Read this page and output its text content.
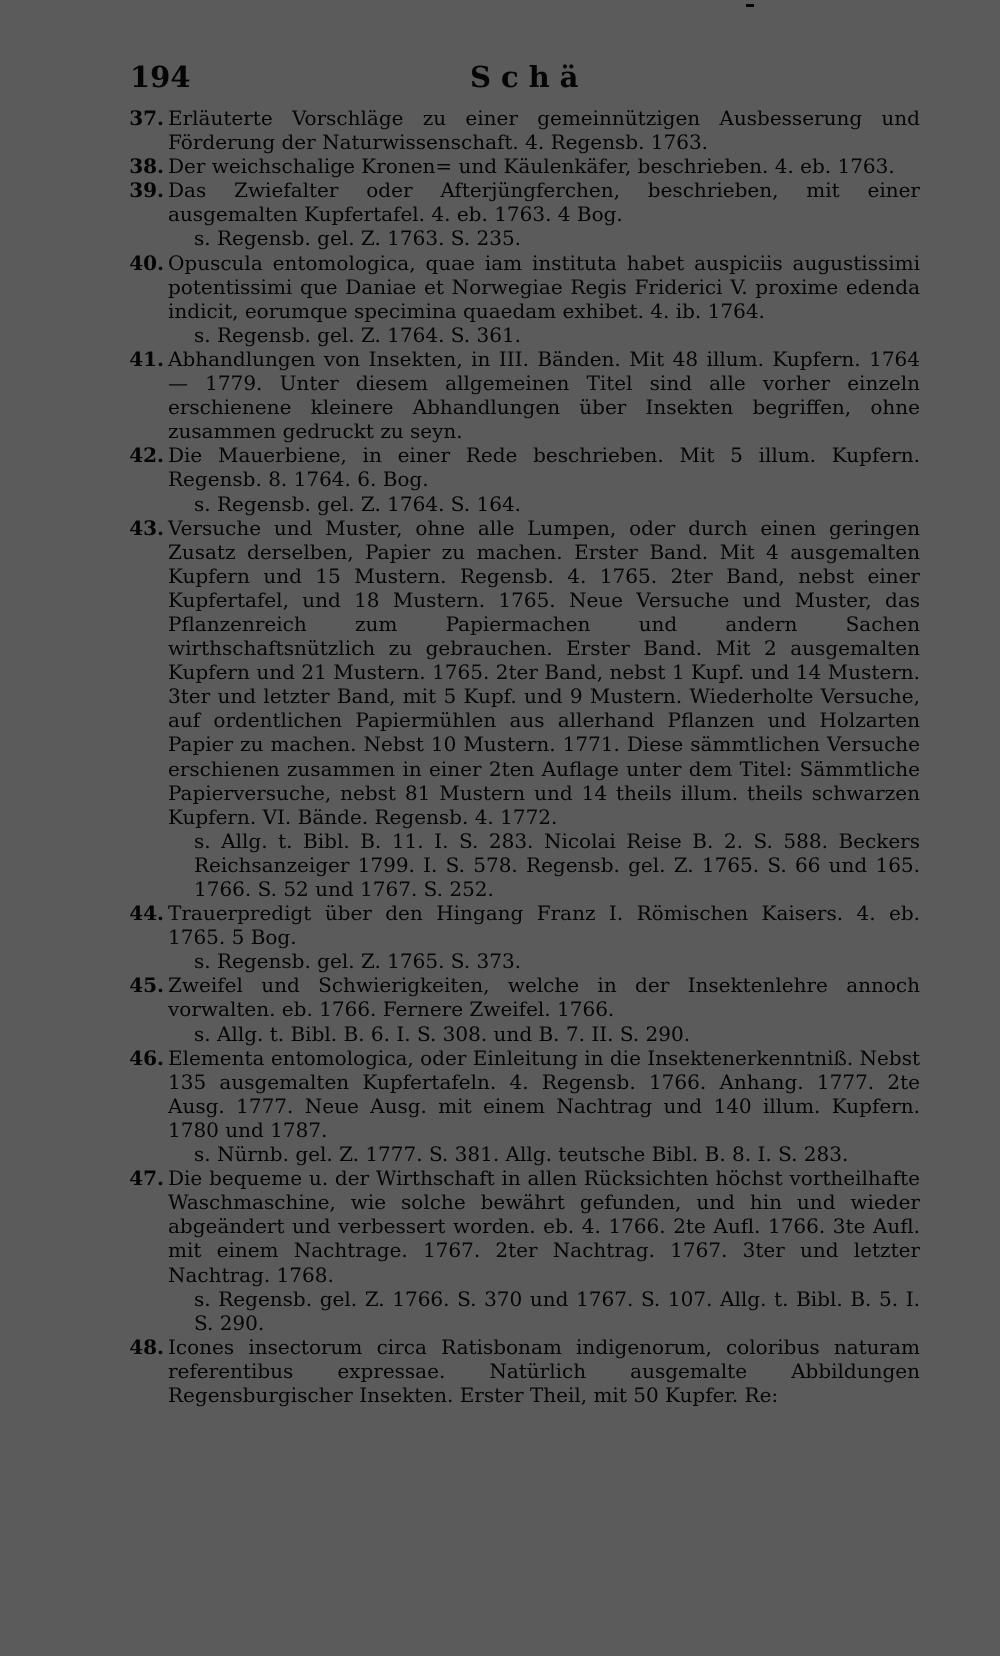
194	Schä
37. Erläuterte Vorschläge zu einer gemeinnützigen Ausbesserung und Förderung der Naturwissenschaft. 4. Regensb. 1763.
38. Der weichschalige Kronen= und Käulenkäfer, beschrieben. 4. eb. 1763.
39. Das Zwiefalter oder Afterjüngferchen, beschrieben, mit einer ausgemalten Kupfertafel. 4. eb. 1763. 4 Bog.
s. Regensb. gel. Z. 1763. S. 235.
40. Opuscula entomologica, quae iam instituta habet auspiciis augustissimi potentissimi que Daniae et Norwegiae Regis Friderici V. proxime edenda indicit, eorumque specimina quaedam exhibet. 4. ib. 1764.
s. Regensb. gel. Z. 1764. S. 361.
41. Abhandlungen von Insekten, in III. Bänden. Mit 48 illum. Kupfern. 1764 — 1779. Unter diesem allgemeinen Titel sind alle vorher einzeln erschienene kleinere Abhandlungen über Insekten begriffen, ohne zusammen gedruckt zu seyn.
42. Die Mauerbiene, in einer Rede beschrieben. Mit 5 illum. Kupfern. Regensb. 8. 1764. 6. Bog.
s. Regensb. gel. Z. 1764. S. 164.
43. Versuche und Muster, ohne alle Lumpen, oder durch einen geringen Zusatz derselben, Papier zu machen. Erster Band. Mit 4 ausgemalten Kupfern und 15 Mustern. Regensb. 4. 1765. 2ter Band, nebst einer Kupfertafel, und 18 Mustern. 1765. Neue Versuche und Muster, das Pflanzenreich zum Papiermachen und andern Sachen wirthschaftsnützlich zu gebrauchen. Erster Band. Mit 2 ausgemalten Kupfern und 21 Mustern. 1765. 2ter Band, nebst 1 Kupf. und 14 Mustern. 3ter und letzter Band, mit 5 Kupf. und 9 Mustern. Wiederholte Versuche, auf ordentlichen Papiermühlen aus allerhand Pflanzen und Holzarten Papier zu machen. Nebst 10 Mustern. 1771. Diese sämmtlichen Versuche erschienen zusammen in einer 2ten Auflage unter dem Titel: Sämmtliche Papierversuche, nebst 81 Mustern und 14 theils illum. theils schwarzen Kupfern. VI. Bände. Regensb. 4. 1772.
s. Allg. t. Bibl. B. 11. I. S. 283. Nicolai Reise B. 2. S. 588. Beckers Reichsanzeiger 1799. I. S. 578. Regensb. gel. Z. 1765. S. 66 und 165. 1766. S. 52 und 1767. S. 252.
44. Trauerpredigt über den Hingang Franz I. Römischen Kaisers. 4. eb. 1765. 5 Bog.
s. Regensb. gel. Z. 1765. S. 373.
45. Zweifel und Schwierigkeiten, welche in der Insektenlehre annoch vorwalten. eb. 1766. Fernere Zweifel. 1766.
s. Allg. t. Bibl. B. 6. I. S. 308. und B. 7. II. S. 290.
46. Elementa entomologica, oder Einleitung in die Insektenerkenntniß. Nebst 135 ausgemalten Kupfertafeln. 4. Regensb. 1766. Anhang. 1777. 2te Ausg. 1777. Neue Ausg. mit einem Nachtrag und 140 illum. Kupfern. 1780 und 1787.
s. Nürnb. gel. Z. 1777. S. 381. Allg. teutsche Bibl. B. 8. I. S. 283.
47. Die bequeme u. der Wirthschaft in allen Rücksichten höchst vortheilhafte Waschmaschine, wie solche bewährt gefunden, und hin und wieder abgeändert und verbessert worden. eb. 4. 1766. 2te Aufl. 1766. 3te Aufl. mit einem Nachtrage. 1767. 2ter Nachtrag. 1767. 3ter und letzter Nachtrag. 1768.
s. Regensb. gel. Z. 1766. S. 370 und 1767. S. 107. Allg. t. Bibl. B. 5. I. S. 290.
48. Icones insectorum circa Ratisbonam indigenorum, coloribus naturam referentibus expressae. Natürlich ausgemalte Abbildungen Regensburgischer Insekten. Erster Theil, mit 50 Kupfer. Re:
